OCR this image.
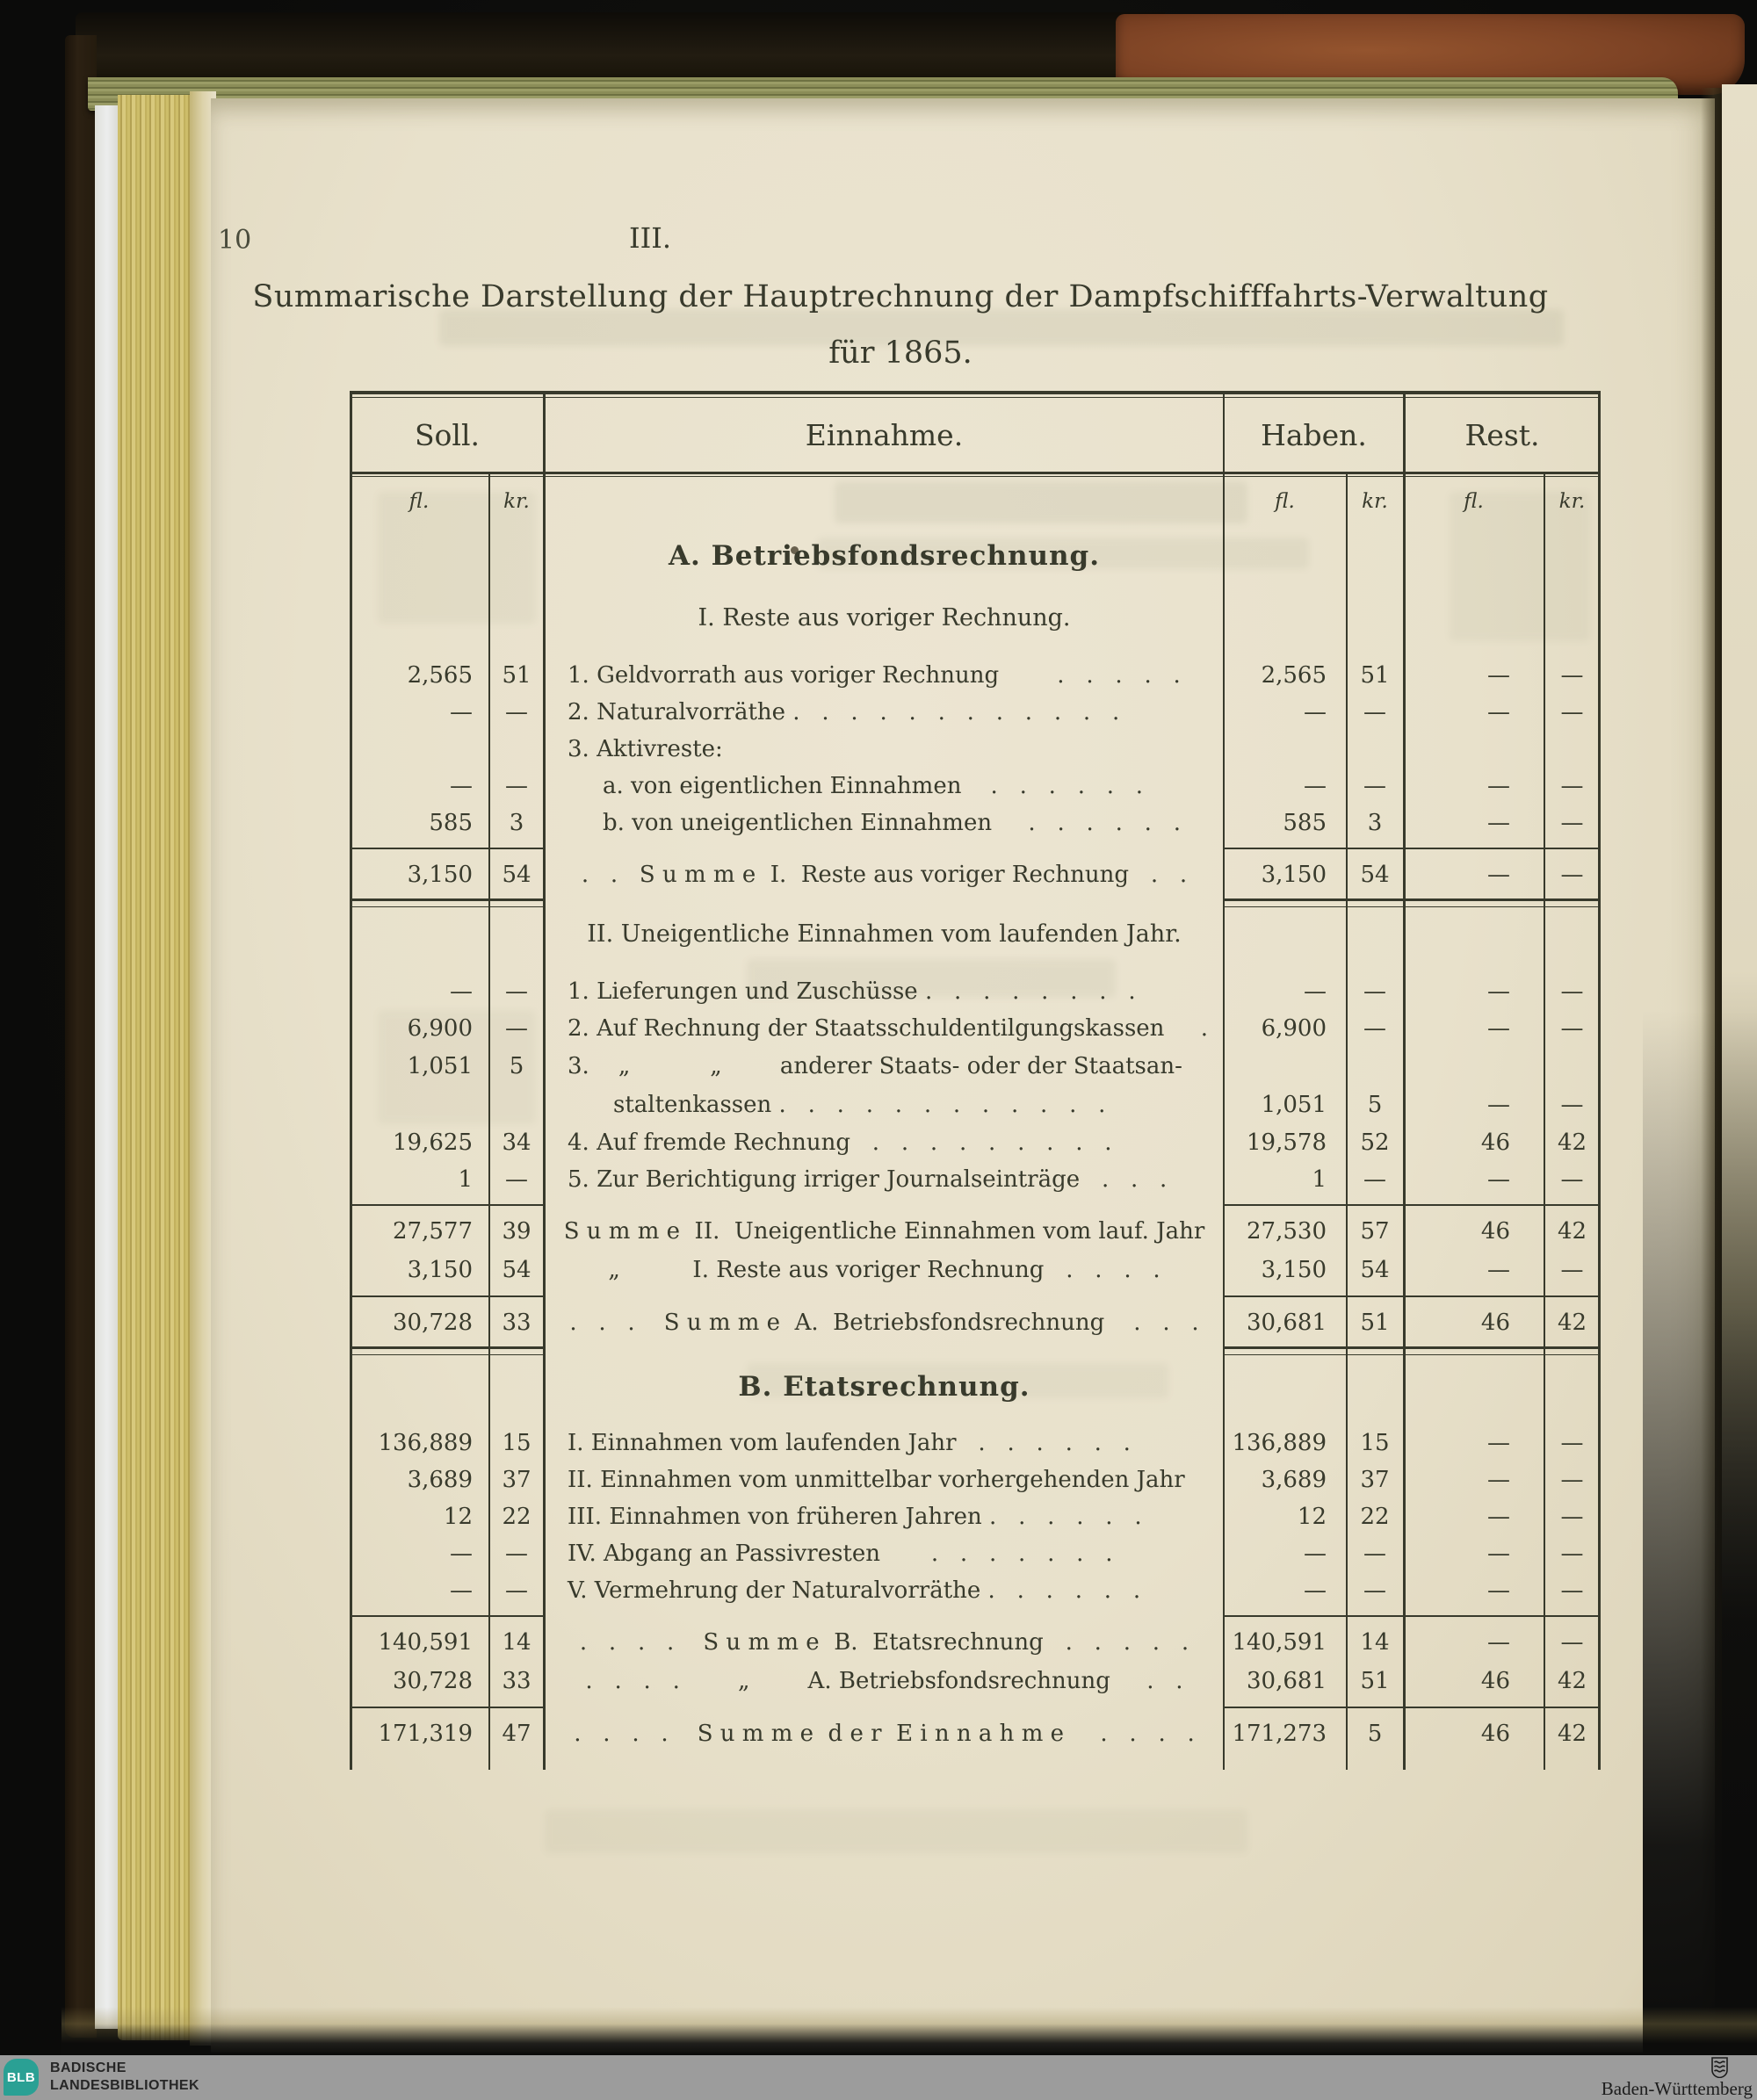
10	III.
Summarische Darstellung der Hauptrechnung der Dampfschifffahrts-Verwaltung
für 1865.
Soll.	Einnahme.	Haben.	Rest.
fl.	kr.	fl.	kr.	fl.	kr.
A. Betriebsfondsrechnung.
I. Reste aus voriger Rechnung.
2,565	51	1. Geldvorrath aus voriger Rechnung        .   .   .   .   .	2,565	51	—	—
—	—	2. Naturalvorräthe .   .   .   .   .   .   .   .   .   .   .   .	—	—	—	—
3. Aktivreste:
—	—	a. von eigentlichen Einnahmen    .   .   .   .   .   .	—	—	—	—
585	3	b. von uneigentlichen Einnahmen     .   .   .   .   .   .	585	3	—	—
3,150	54	.   .   S u m m e  I.  Reste aus voriger Rechnung   .   .	3,150	54	—	—
II. Uneigentliche Einnahmen vom laufenden Jahr.
—	—	1. Lieferungen und Zuschüsse .   .   .   .   .   .   .   .	—	—	—	—
6,900	—	2. Auf Rechnung der Staatsschuldentilgungskassen     .	6,900	—	—	—
1,051	5	3.    „           „        anderer Staats- oder der Staatsan-
staltenkassen .   .   .   .   .   .   .   .   .   .   .   .	1,051	5	—	—
19,625	34	4. Auf fremde Rechnung   .   .   .   .   .   .   .   .   .	19,578	52	46	42
1	—	5. Zur Berichtigung irriger Journalseinträge   .   .   .	1	—	—	—
27,577	39	S u m m e  II.  Uneigentliche Einnahmen vom lauf. Jahr	27,530	57	46	42
3,150	54	„          I. Reste aus voriger Rechnung   .   .   .   .	3,150	54	—	—
30,728	33	.   .   .    S u m m e  A.  Betriebsfondsrechnung    .   .   .	30,681	51	46	42
B. Etatsrechnung.
136,889	15	I. Einnahmen vom laufenden Jahr   .   .   .   .   .   .	136,889	15	—	—
3,689	37	II. Einnahmen vom unmittelbar vorhergehenden Jahr	3,689	37	—	—
12	22	III. Einnahmen von früheren Jahren .   .   .   .   .   .	12	22	—	—
—	—	IV. Abgang an Passivresten       .   .   .   .   .   .   .	—	—	—	—
—	—	V. Vermehrung der Naturalvorräthe .   .   .   .   .   .	—	—	—	—
140,591	14	.   .   .   .    S u m m e  B.  Etatsrechnung   .   .   .   .   .	140,591	14	—	—
30,728	33	.   .   .   .        „        A. Betriebsfondsrechnung     .   .	30,681	51	46	42
171,319	47	.   .   .   .    S u m m e  d e r  E i n n a h m e     .   .   .   .	171,273	5	46	42
BLB
BADISCHE
LANDESBIBLIOTHEK	Baden-Württemberg
